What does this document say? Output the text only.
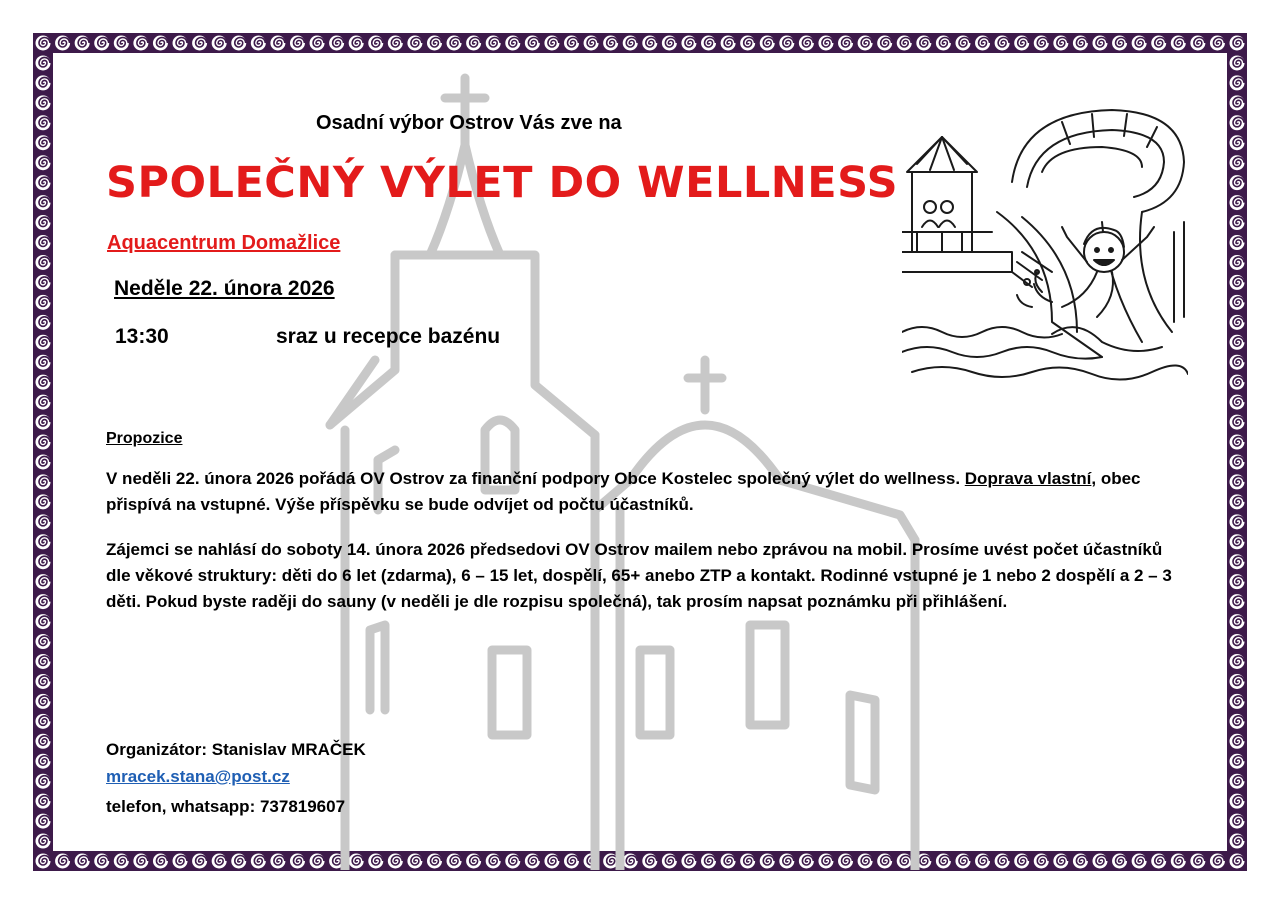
Osadní výbor Ostrov Vás zve na
SPOLEČNÝ VÝLET DO WELLNESS
Aquacentrum Domažlice
Neděle 22. února 2026
13:30	sraz u recepce bazénu
Propozice
V neděli 22. února 2026 pořádá OV Ostrov za finanční podpory Obce Kostelec společný výlet do wellness. Doprava vlastní, obec přispívá na vstupné. Výše příspěvku se bude odvíjet od počtu účastníků.
Zájemci se nahlásí do soboty 14. února 2026 předsedovi OV Ostrov mailem nebo zprávou na mobil. Prosíme uvést počet účastníků dle věkové struktury: děti do 6 let (zdarma), 6 – 15 let, dospělí, 65+ anebo ZTP a kontakt. Rodinné vstupné je 1 nebo 2 dospělí a 2 – 3 děti. Pokud byste raději do sauny (v neděli je dle rozpisu společná), tak prosím napsat poznámku při přihlášení.
Organizátor: Stanislav MRAČEK
mracek.stana@post.cz
telefon, whatsapp: 737819607
